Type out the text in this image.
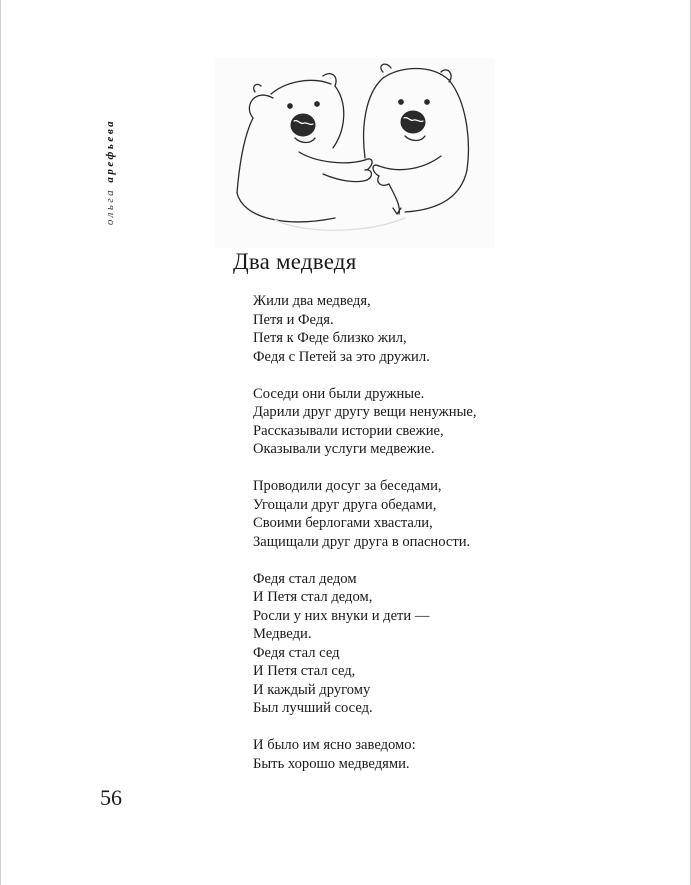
ольга арефьева
Два медведя
Жили два медведя,
Петя и Федя.
Петя к Феде близко жил,
Федя с Петей за это дружил.
Соседи они были дружные.
Дарили друг другу вещи ненужные,
Рассказывали истории свежие,
Оказывали услуги медвежие.
Проводили досуг за беседами,
Угощали друг друга обедами,
Своими берлогами хвастали,
Защищали друг друга в опасности.
Федя стал дедом
И Петя стал дедом,
Росли у них внуки и дети —
Медведи.
Федя стал сед
И Петя стал сед,
И каждый другому
Был лучший сосед.
И было им ясно заведомо:
Быть хорошо медведями.
56
